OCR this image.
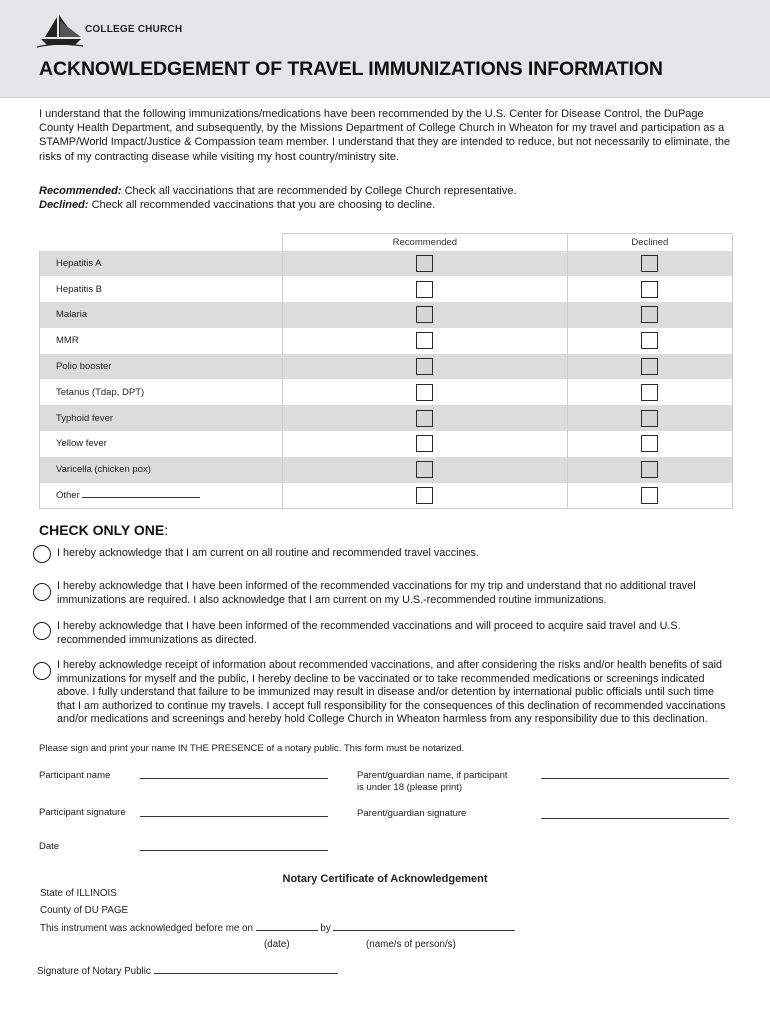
COLLEGE CHURCH
ACKNOWLEDGEMENT OF TRAVEL IMMUNIZATIONS INFORMATION

I understand that the following immunizations/medications have been recommended by the U.S. Center for Disease Control, the DuPage County Health Department, and subsequently, by the Missions Department of College Church in Wheaton for my travel and participation as a STAMP/World Impact/Justice & Compassion team member. I understand that they are intended to reduce, but not necessarily to eliminate, the risks of my contracting disease while visiting my host country/ministry site.

Recommended: Check all vaccinations that are recommended by College Church representative.
Declined: Check all recommended vaccinations that you are choosing to decline.
	Recommended	Declined
Hepatitis A		
Hepatitis B		
Malaria		
MMR		
Polio booster		
Tetanus (Tdap, DPT)		
Typhoid fever		
Yellow fever		
Varicella (chicken pox)		
Other		
CHECK ONLY ONE:
I hereby acknowledge that I am current on all routine and recommended travel vaccines.
I hereby acknowledge that I have been informed of the recommended vaccinations for my trip and understand that no additional travel immunizations are required. I also acknowledge that I am current on my U.S.-recommended routine immunizations.
I hereby acknowledge that I have been informed of the recommended vaccinations and will proceed to acquire said travel and U.S. recommended immunizations as directed.
I hereby acknowledge receipt of information about recommended vaccinations, and after considering the risks and/or health benefits of said immunizations for myself and the public, I hereby decline to be vaccinated or to take recommended medications or screenings indicated above. I fully understand that failure to be immunized may result in disease and/or detention by international public officials until such time that I am authorized to continue my travels. I accept full responsibility for the consequences of this declination of recommended vaccinations and/or medications and screenings and hereby hold College Church in Wheaton harmless from any responsibility due to this declination.
Please sign and print your name IN THE PRESENCE of a notary public. This form must be notarized.
Participant name	Parent/guardian name, if participant
is under 18 (please print)
Participant signature	Parent/guardian signature
Date
Notary Certificate of Acknowledgement
State of ILLINOIS
County of DU PAGE
This instrument was acknowledged before me on	by
(date)	(name/s of person/s)
Signature of Notary Public
